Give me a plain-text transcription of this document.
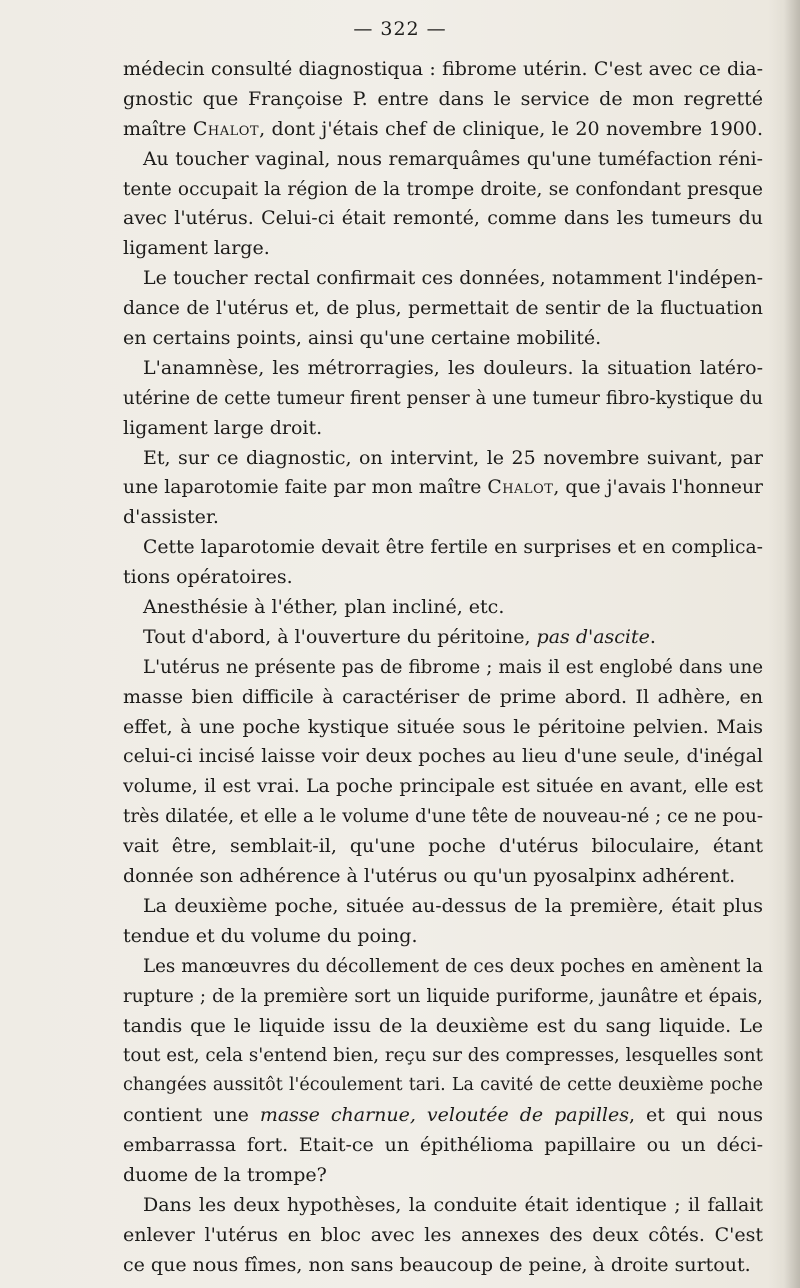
— 322 —

médecin consulté diagnostiqua : fibrome utérin. C'est avec ce dia-
gnostic que Françoise P. entre dans le service de mon regretté
maître Chalot, dont j'étais chef de clinique, le 20 novembre 1900.
Au toucher vaginal, nous remarquâmes qu'une tuméfaction réni-
tente occupait la région de la trompe droite, se confondant presque
avec l'utérus. Celui-ci était remonté, comme dans les tumeurs du
ligament large.
Le toucher rectal confirmait ces données, notamment l'indépen-
dance de l'utérus et, de plus, permettait de sentir de la fluctuation
en certains points, ainsi qu'une certaine mobilité.
L'anamnèse, les métrorragies, les douleurs. la situation latéro-
utérine de cette tumeur firent penser à une tumeur fibro-kystique du
ligament large droit.
Et, sur ce diagnostic, on intervint, le 25 novembre suivant, par
une laparotomie faite par mon maître Chalot, que j'avais l'honneur
d'assister.
Cette laparotomie devait être fertile en surprises et en complica-
tions opératoires.
Anesthésie à l'éther, plan incliné, etc.
Tout d'abord, à l'ouverture du péritoine, pas d'ascite.
L'utérus ne présente pas de fibrome ; mais il est englobé dans une
masse bien difficile à caractériser de prime abord. Il adhère, en
effet, à une poche kystique située sous le péritoine pelvien. Mais
celui-ci incisé laisse voir deux poches au lieu d'une seule, d'inégal
volume, il est vrai. La poche principale est située en avant, elle est
très dilatée, et elle a le volume d'une tête de nouveau-né ; ce ne pou-
vait être, semblait-il, qu'une poche d'utérus biloculaire, étant
donnée son adhérence à l'utérus ou qu'un pyosalpinx adhérent.
La deuxième poche, située au-dessus de la première, était plus
tendue et du volume du poing.
Les manœuvres du décollement de ces deux poches en amènent la
rupture ; de la première sort un liquide puriforme, jaunâtre et épais,
tandis que le liquide issu de la deuxième est du sang liquide. Le
tout est, cela s'entend bien, reçu sur des compresses, lesquelles sont
changées aussitôt l'écoulement tari. La cavité de cette deuxième poche
contient une masse charnue, veloutée de papilles, et qui nous
embarrassa fort. Etait-ce un épithélioma papillaire ou un déci-
duome de la trompe?
Dans les deux hypothèses, la conduite était identique ; il fallait
enlever l'utérus en bloc avec les annexes des deux côtés. C'est
ce que nous fîmes, non sans beaucoup de peine, à droite surtout.
